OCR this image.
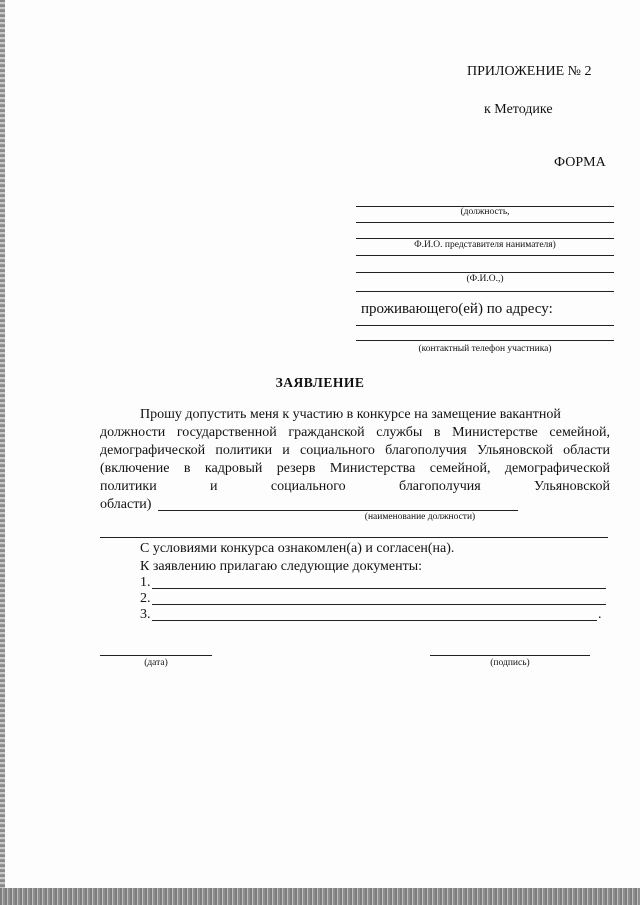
ПРИЛОЖЕНИЕ № 2
к Методике
ФОРМА
(должность,
Ф.И.О. представителя нанимателя)
(Ф.И.О.,)
проживающего(ей) по адресу:
(контактный телефон участника)
ЗАЯВЛЕНИЕ
Прошу допустить меня к участию в конкурсе на замещение вакантной
должности государственной гражданской службы в Министерстве семейной,
демографической политики и социального благополучия Ульяновской области
(включение в кадровый резерв Министерства семейной, демографической
политики и социального благополучия Ульяновской
области)
(наименование должности)
С условиями конкурса ознакомлен(а) и согласен(на).
К заявлению прилагаю следующие документы:
1.
2.
3.	.
(дата)	(подпись)
